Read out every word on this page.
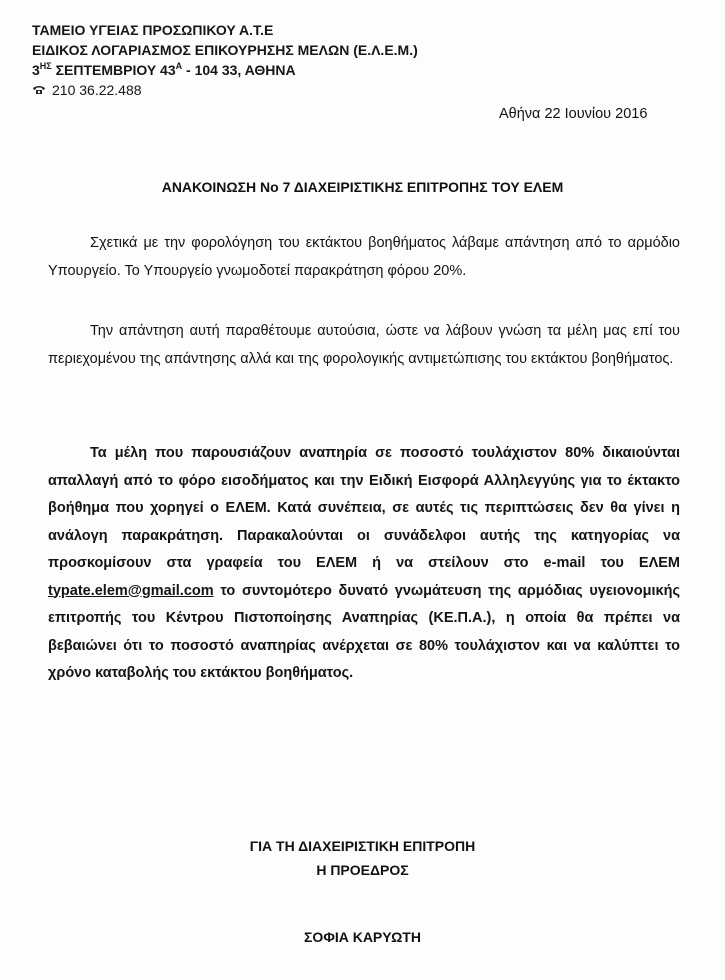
ΤΑΜΕΙΟ ΥΓΕΙΑΣ ΠΡΟΣΩΠΙΚΟΥ Α.Τ.Ε
ΕΙΔΙΚΟΣ ΛΟΓΑΡΙΑΣΜΟΣ ΕΠΙΚΟΥΡΗΣΗΣ ΜΕΛΩΝ (Ε.Λ.Ε.Μ.)
$3^{H\Sigma}$ ΣΕΠΤΕΜΒΡΙΟΥ $43^A - 104$ 33, ΑΘΗΝΑ
210 36.22.488
Αθήνα 22 Ιουνίου 2016
ΑΝΑΚΟΙΝΩΣΗ Νο 7 ΔΙΑΧΕΙΡΙΣΤΙΚΗΣ ΕΠΙΤΡΟΠΗΣ ΤΟΥ ΕΛΕΜ
Σχετικά με την φορολόγηση του εκτάκτου βοηθήματος λάβαμε απάντηση από το αρμόδιο Υπουργείο. Το Υπουργείο γνωμοδοτεί παρακράτηση φόρου 20%.
Την απάντηση αυτή παραθέτουμε αυτούσια, ώστε να λάβουν γνώση τα μέλη μας επί του περιεχομένου της απάντησης αλλά και της φορολογικής αντιμετώπισης του εκτάκτου βοηθήματος.
Τα μέλη που παρουσιάζουν αναπηρία σε ποσοστό τουλάχιστον 80% δικαιούνται απαλλαγή από το φόρο εισοδήματος και την Ειδική Εισφορά Αλληλεγγύης για το έκτακτο βοήθημα που χορηγεί ο ΕΛΕΜ. Κατά συνέπεια, σε αυτές τις περιπτώσεις δεν θα γίνει η ανάλογη παρακράτηση. Παρακαλούνται οι συνάδελφοι αυτής της κατηγορίας να προσκομίσουν στα γραφεία του ΕΛΕΜ ή να στείλουν στο e-mail του ΕΛΕΜ typate.elem@gmail.com το συντομότερο δυνατό γνωμάτευση της αρμόδιας υγειονομικής επιτροπής του Κέντρου Πιστοποίησης Αναπηρίας (ΚΕ.Π.Α.), η οποία θα πρέπει να βεβαιώνει ότι το ποσοστό αναπηρίας ανέρχεται σε 80% τουλάχιστον και να καλύπτει το χρόνο καταβολής του εκτάκτου βοηθήματος.
ΓΙΑ ΤΗ ΔΙΑΧΕΙΡΙΣΤΙΚΗ ΕΠΙΤΡΟΠΗ
Η ΠΡΟΕΔΡΟΣ
ΣΟΦΙΑ ΚΑΡΥΩΤΗ
